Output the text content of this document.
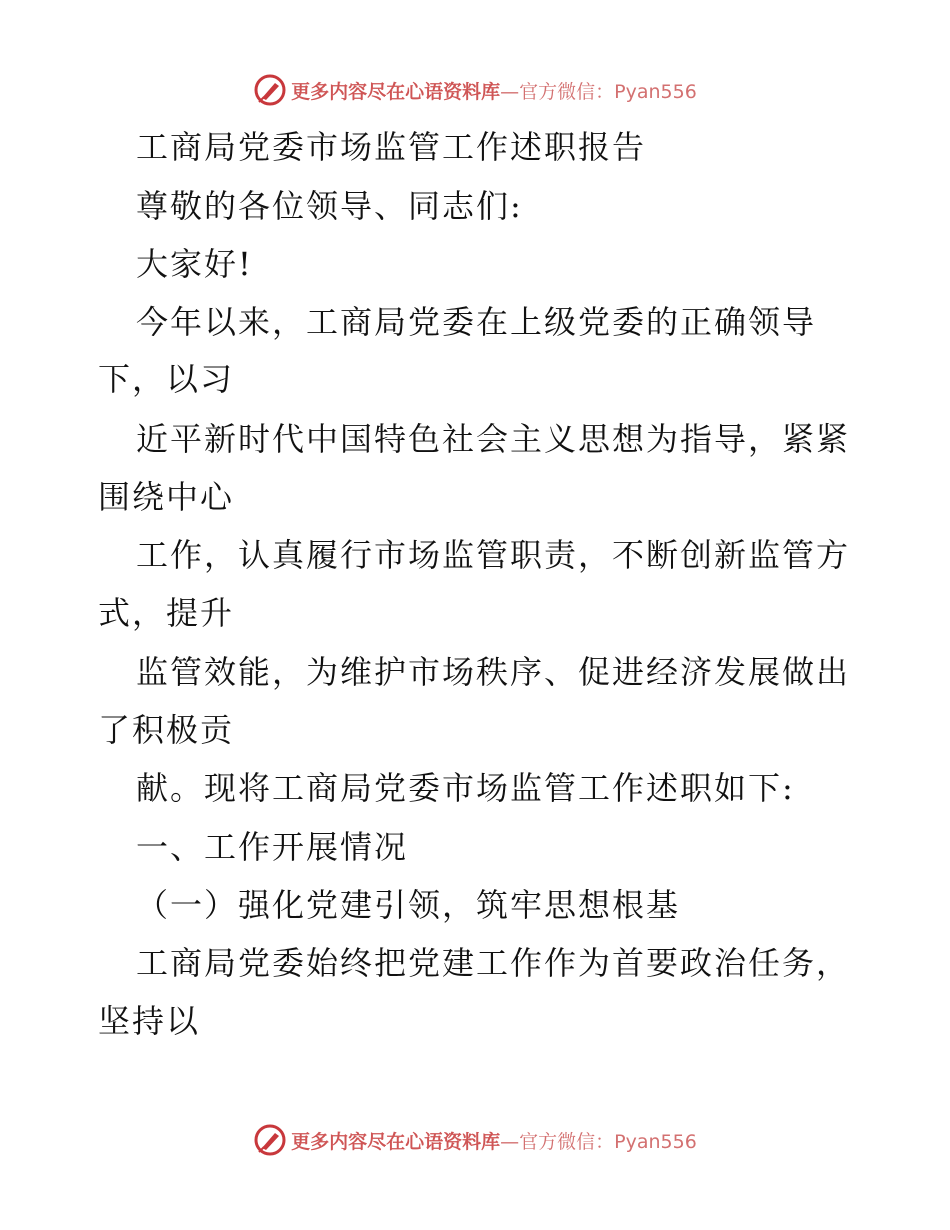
更多内容尽在心语资料库—官方微信：Pyan556
工商局党委市场监管工作述职报告
尊敬的各位领导、同志们:
大家好!
今年以来，工商局党委在上级党委的正确领导
下，以习
近平新时代中国特色社会主义思想为指导，紧紧
围绕中心
工作，认真履行市场监管职责，不断创新监管方
式，提升
监管效能，为维护市场秩序、促进经济发展做出
了积极贡
献。现将工商局党委市场监管工作述职如下:
一、工作开展情况
（一）强化党建引领，筑牢思想根基
工商局党委始终把党建工作作为首要政治任务，
坚持以
更多内容尽在心语资料库—官方微信：Pyan556
